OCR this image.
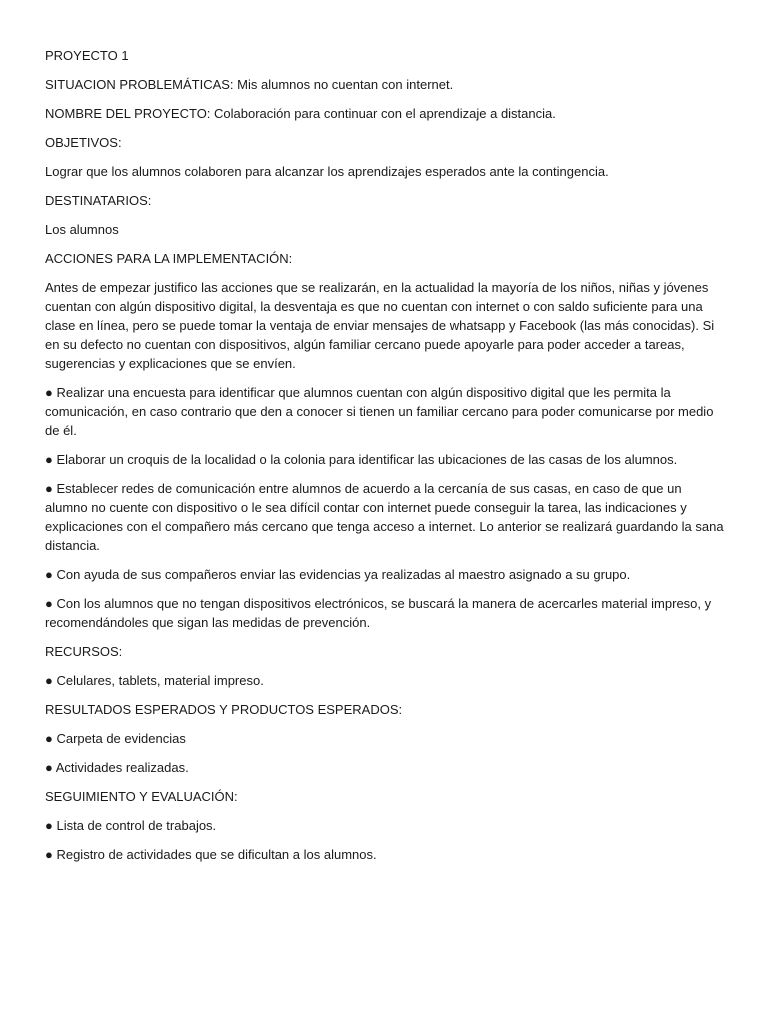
PROYECTO 1

SITUACION PROBLEMÁTICAS: Mis alumnos no cuentan con internet.

NOMBRE DEL PROYECTO: Colaboración para continuar con el aprendizaje a distancia.

OBJETIVOS:

Lograr que los alumnos colaboren para alcanzar los aprendizajes esperados ante la contingencia.

DESTINATARIOS:

Los alumnos

ACCIONES PARA LA IMPLEMENTACIÓN:

Antes de empezar justifico las acciones que se realizarán, en la actualidad la mayoría de los niños, niñas y jóvenes cuentan con algún dispositivo digital, la desventaja es que no cuentan con internet o con saldo suficiente para una clase en línea, pero se puede tomar la ventaja de enviar mensajes de whatsapp y Facebook (las más conocidas). Si en su defecto no cuentan con dispositivos, algún familiar cercano puede apoyarle para poder acceder a tareas, sugerencias y explicaciones que se envíen.

● Realizar una encuesta para identificar que alumnos cuentan con algún dispositivo digital que les permita la comunicación, en caso contrario que den a conocer si tienen un familiar cercano para poder comunicarse por medio de él.

● Elaborar un croquis de la localidad o la colonia para identificar las ubicaciones de las casas de los alumnos.

● Establecer redes de comunicación entre alumnos de acuerdo a la cercanía de sus casas, en caso de que un alumno no cuente con dispositivo o le sea difícil contar con internet puede conseguir la tarea, las indicaciones y explicaciones con el compañero más cercano que tenga acceso a internet. Lo anterior se realizará guardando la sana distancia.

● Con ayuda de sus compañeros enviar las evidencias ya realizadas al maestro asignado a su grupo.

● Con los alumnos que no tengan dispositivos electrónicos, se buscará la manera de acercarles material impreso, y recomendándoles que sigan las medidas de prevención.

RECURSOS:

● Celulares, tablets, material impreso.

RESULTADOS ESPERADOS Y PRODUCTOS ESPERADOS:

● Carpeta de evidencias

● Actividades realizadas.

SEGUIMIENTO Y EVALUACIÓN:

● Lista de control de trabajos.

● Registro de actividades que se dificultan a los alumnos.
